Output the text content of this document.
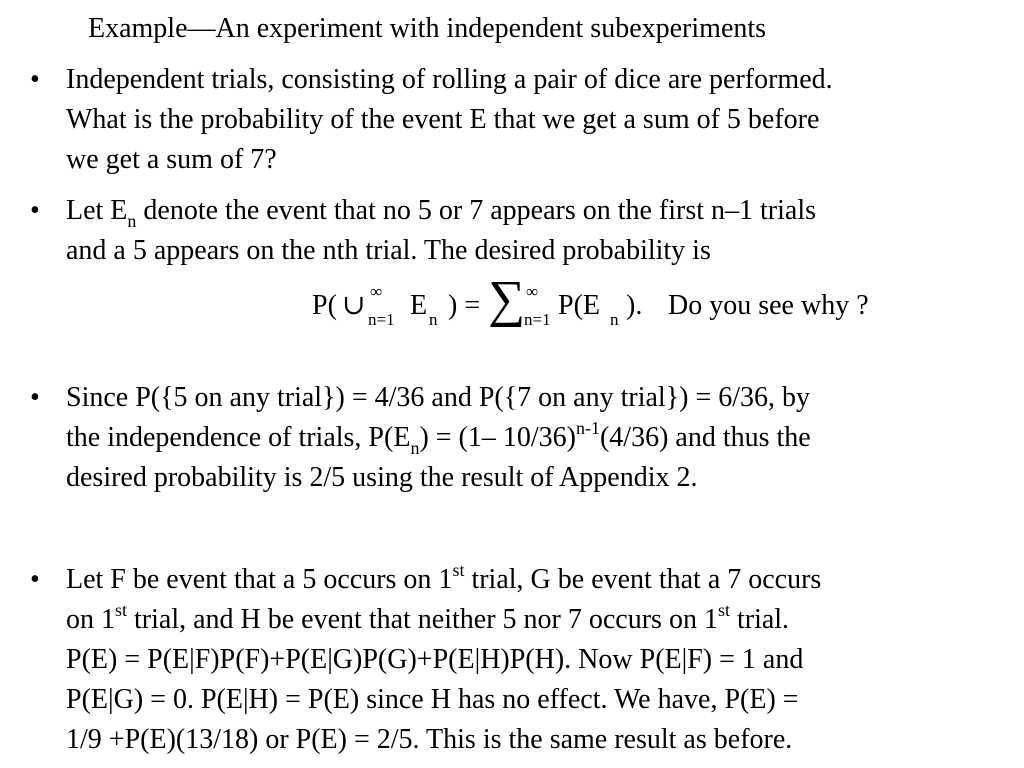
Example—An experiment with independent subexperiments
• Independent trials, consisting of rolling a pair of dice are performed.
What is the probability of the event E that we get a sum of 5 before
we get a sum of 7?
• Let $E_n$ denote the event that no 5 or 7 appears on the first n–1 trials
and a 5 appears on the nth trial. The desired probability is
P( ∪ ∞
n=1 E n ) = ∑ ∞
n=1 P(E n ). Do you see why ?
• Since P({5 on any trial}) = 4/36 and P({7 on any trial}) = 6/36, by
the independence of trials, $P(E_n) = (1-$ 10/36)$^{n-1}$(4/36) and thus the
desired probability is 2/5 using the result of Appendix 2.
• Let F be event that a 5 occurs on 1st trial, G be event that a 7 occurs
on 1st trial, and H be event that neither 5 nor 7 occurs on 1st trial.
P(E) = P(E|F)P(F)+P(E|G)P(G)+P(E|H)P(H). Now P(E|F) = 1 and
P(E|G) = 0. P(E|H) = P(E) since H has no effect. We have, P(E) =
1/9 +P(E)(13/18) or P(E) = 2/5. This is the same result as before.
